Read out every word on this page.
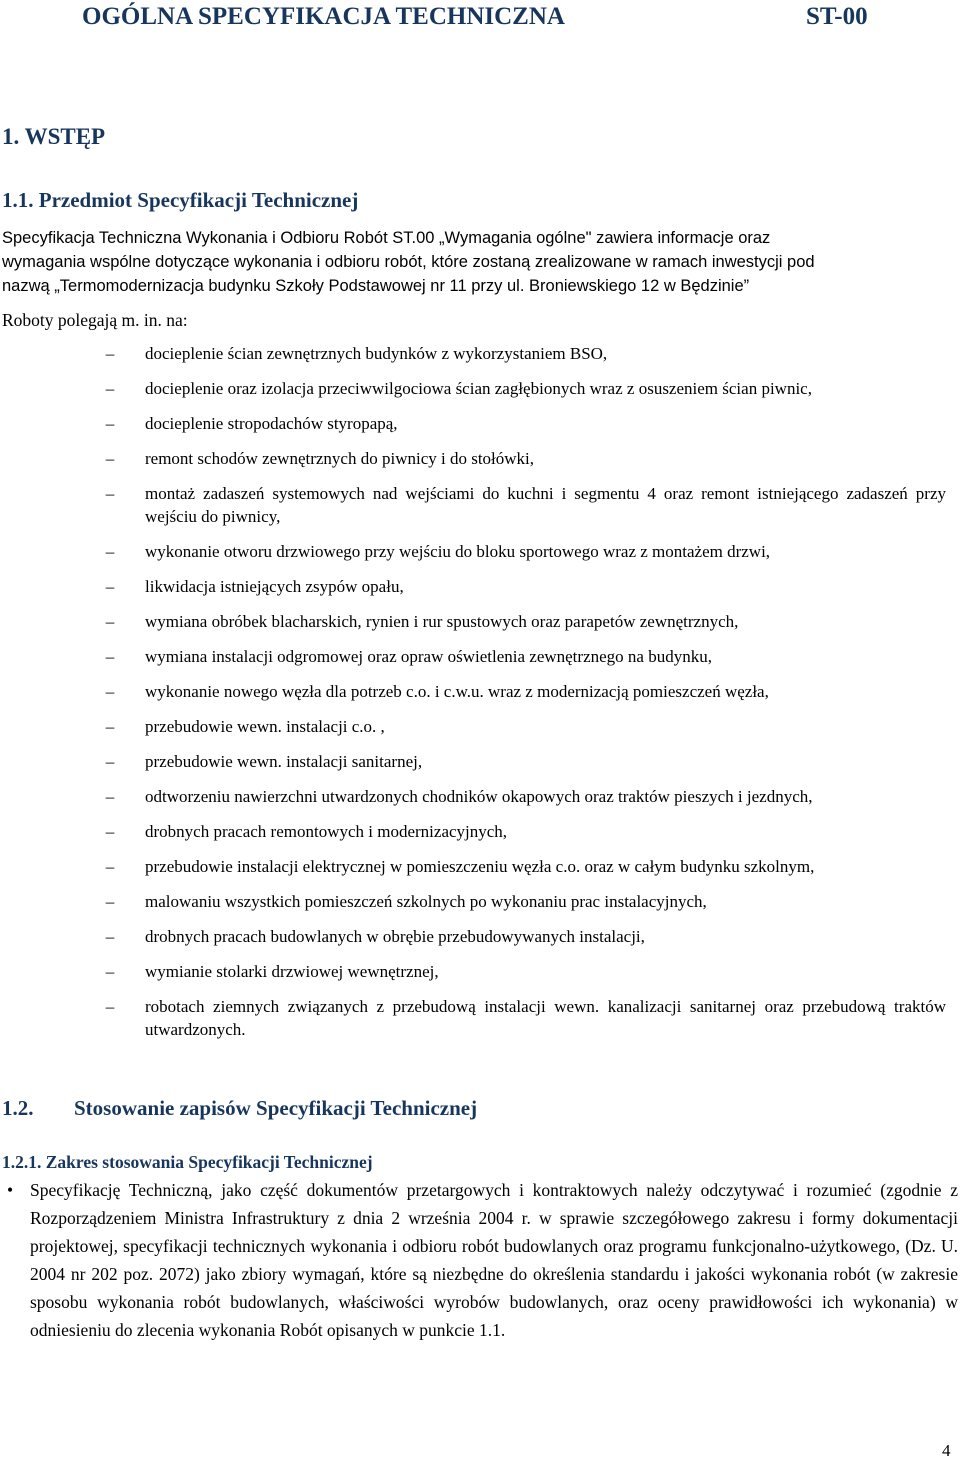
OGÓLNA SPECYFIKACJA TECHNICZNA	ST-00
1. WSTĘP
1.1. Przedmiot Specyfikacji Technicznej
Specyfikacja Techniczna Wykonania i Odbioru Robót ST.00 „Wymagania ogólne" zawiera informacje oraz
wymagania wspólne dotyczące wykonania i odbioru robót, które zostaną zrealizowane w ramach inwestycji pod
nazwą „Termomodernizacja budynku Szkoły Podstawowej nr 11 przy ul. Broniewskiego 12 w Będzinie”
Roboty polegają m. in. na:
– docieplenie ścian zewnętrznych budynków z wykorzystaniem BSO,
– docieplenie oraz izolacja przeciwwilgociowa ścian zagłębionych wraz z osuszeniem ścian piwnic,
– docieplenie stropodachów styropapą,
– remont schodów zewnętrznych do piwnicy i do stołówki,
– montaż zadaszeń systemowych nad wejściami do kuchni i segmentu 4 oraz remont istniejącego zadaszeń przy wejściu do piwnicy,
– wykonanie otworu drzwiowego przy wejściu do bloku sportowego wraz z montażem drzwi,
– likwidacja istniejących zsypów opału,
– wymiana obróbek blacharskich, rynien i rur spustowych oraz parapetów zewnętrznych,
– wymiana instalacji odgromowej oraz opraw oświetlenia zewnętrznego na budynku,
– wykonanie nowego węzła dla potrzeb c.o. i c.w.u. wraz z modernizacją pomieszczeń węzła,
– przebudowie wewn. instalacji c.o. ,
– przebudowie wewn. instalacji sanitarnej,
– odtworzeniu nawierzchni utwardzonych chodników okapowych oraz traktów pieszych i jezdnych,
– drobnych pracach remontowych i modernizacyjnych,
– przebudowie instalacji elektrycznej w pomieszczeniu węzła c.o. oraz w całym budynku szkolnym,
– malowaniu wszystkich pomieszczeń szkolnych po wykonaniu prac instalacyjnych,
– drobnych pracach budowlanych w obrębie przebudowywanych instalacji,
– wymianie stolarki drzwiowej wewnętrznej,
– robotach ziemnych związanych z przebudową instalacji wewn. kanalizacji sanitarnej oraz przebudową traktów utwardzonych.
1.2. Stosowanie zapisów Specyfikacji Technicznej
1.2.1. Zakres stosowania Specyfikacji Technicznej
• Specyfikację Techniczną, jako część dokumentów przetargowych i kontraktowych należy odczytywać i rozumieć (zgodnie z Rozporządzeniem Ministra Infrastruktury z dnia 2 września 2004 r. w sprawie szczegółowego zakresu i formy dokumentacji projektowej, specyfikacji technicznych wykonania i odbioru robót budowlanych oraz programu funkcjonalno-użytkowego, (Dz. U. 2004 nr 202 poz. 2072) jako zbiory wymagań, które są niezbędne do określenia standardu i jakości wykonania robót (w zakresie sposobu wykonania robót budowlanych, właściwości wyrobów budowlanych, oraz oceny prawidłowości ich wykonania) w odniesieniu do zlecenia wykonania Robót opisanych w punkcie 1.1.
4
